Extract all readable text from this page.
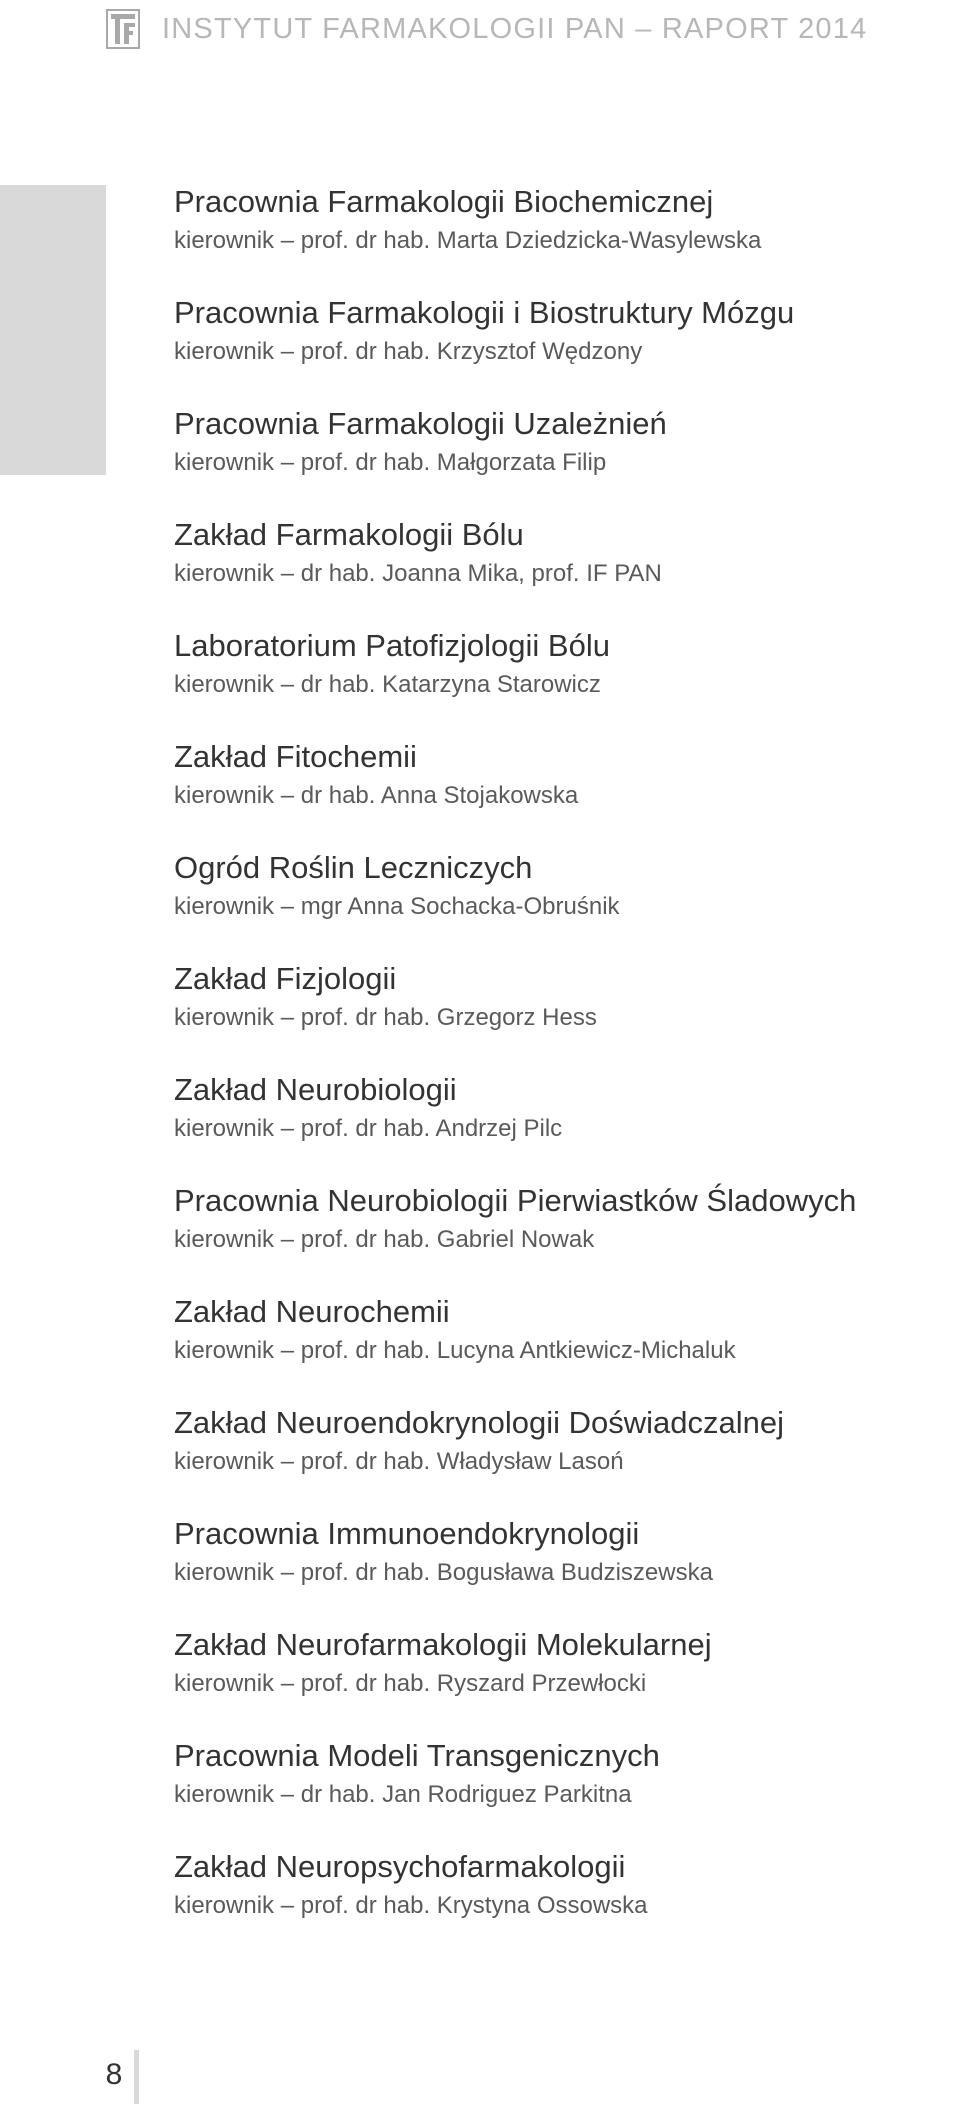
INSTYTUT FARMAKOLOGII PAN – RAPORT 2014
Pracownia Farmakologii Biochemicznej
kierownik – prof. dr hab. Marta Dziedzicka-Wasylewska
Pracownia Farmakologii i Biostruktury Mózgu
kierownik – prof. dr hab. Krzysztof Wędzony
Pracownia Farmakologii Uzależnień
kierownik – prof. dr hab. Małgorzata Filip
Zakład Farmakologii Bólu
kierownik – dr hab. Joanna Mika, prof. IF PAN
Laboratorium Patofizjologii Bólu
kierownik – dr hab. Katarzyna Starowicz
Zakład Fitochemii
kierownik – dr hab. Anna Stojakowska
Ogród Roślin Leczniczych
kierownik – mgr Anna Sochacka-Obruśnik
Zakład Fizjologii
kierownik – prof. dr hab. Grzegorz Hess
Zakład Neurobiologii
kierownik – prof. dr hab. Andrzej Pilc
Pracownia Neurobiologii Pierwiastków Śladowych
kierownik – prof. dr hab. Gabriel Nowak
Zakład Neurochemii
kierownik – prof. dr hab. Lucyna Antkiewicz-Michaluk
Zakład Neuroendokrynologii Doświadczalnej
kierownik – prof. dr hab. Władysław Lasoń
Pracownia Immunoendokrynologii
kierownik – prof. dr hab. Bogusława Budziszewska
Zakład Neurofarmakologii Molekularnej
kierownik – prof. dr hab. Ryszard Przewłocki
Pracownia Modeli Transgenicznych
kierownik – dr hab. Jan Rodriguez Parkitna
Zakład Neuropsychofarmakologii
kierownik – prof. dr hab. Krystyna Ossowska
8
